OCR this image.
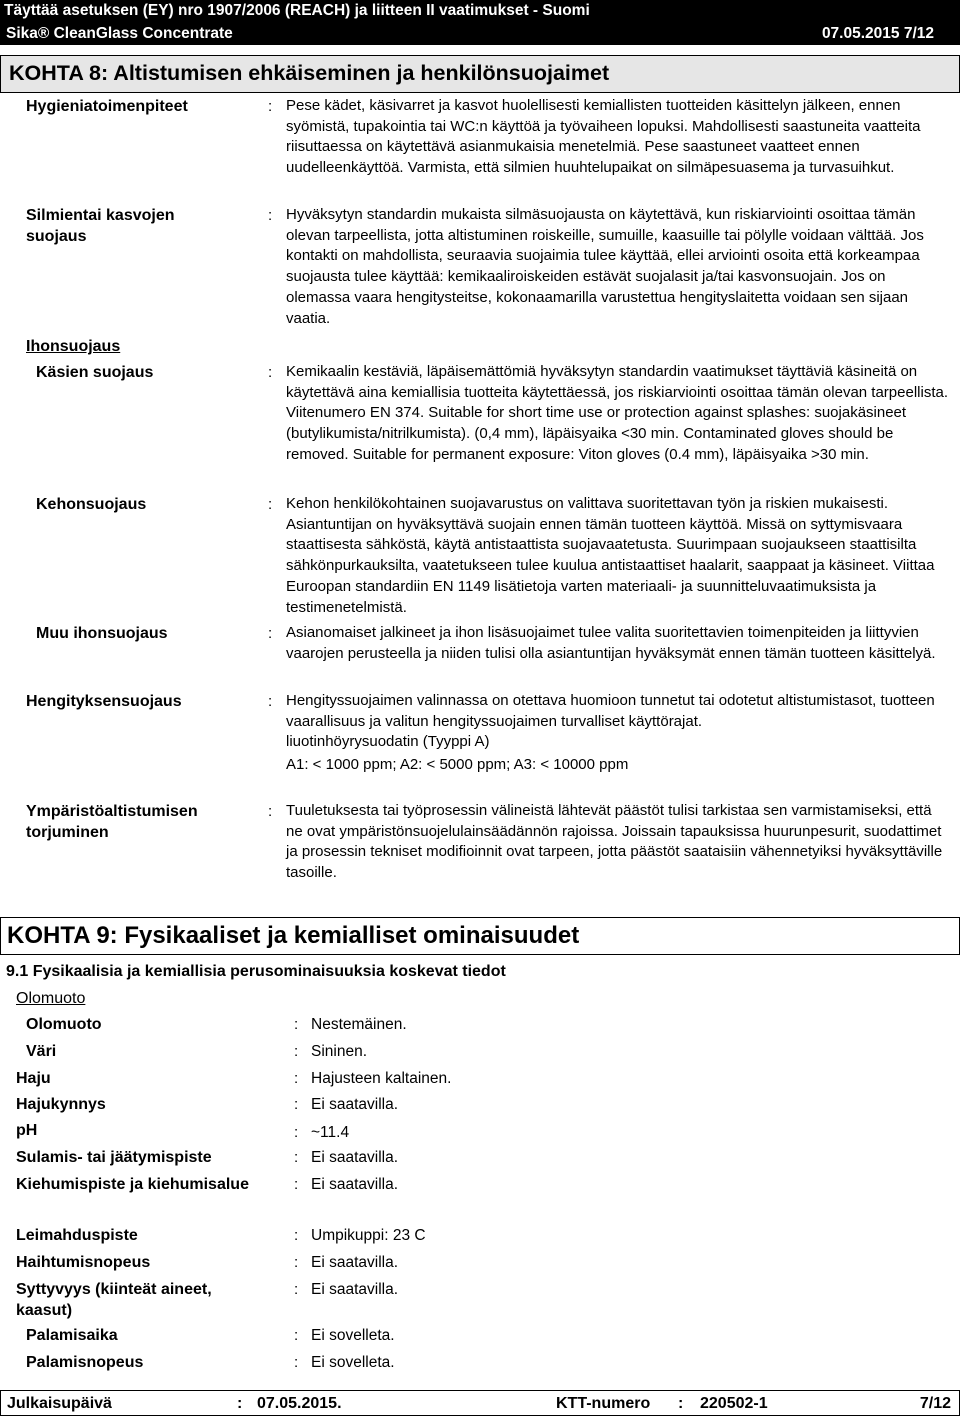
Täyttää asetuksen (EY) nro 1907/2006 (REACH) ja liitteen II vaatimukset - Suomi
Sika® CleanGlass Concentrate	07.05.2015 7/12
KOHTA 8: Altistumisen ehkäiseminen ja henkilönsuojaimet
Hygieniatoimenpiteet	: Pese kädet, käsivarret ja kasvot huolellisesti kemiallisten tuotteiden käsittelyn jälkeen, ennen syömistä, tupakointia tai WC:n käyttöä ja työvaiheen lopuksi. Mahdollisesti saastuneita vaatteita riisuttaessa on käytettävä asianmukaisia menetelmiä. Pese saastuneet vaatteet ennen uudelleenkäyttöä. Varmista, että silmien huuhtelupaikat on silmäpesuasema ja turvasuihkut.

Silmientai kasvojen suojaus
: Hyväksytyn standardin mukaista silmäsuojausta on käytettävä, kun riskiarviointi osoittaa tämän olevan tarpeellista, jotta altistuminen roiskeille, sumuille, kaasuille tai pölylle voidaan välttää. Jos kontakti on mahdollista, seuraavia suojaimia tulee käyttää, ellei arviointi osoita että korkeampaa suojausta tulee käyttää: kemikaaliroiskeiden estävät suojalasit ja/tai kasvonsuojain. Jos on olemassa vaara hengitysteitse, kokonaamarilla varustettua hengityslaitetta voidaan sen sijaan vaatia.

Ihonsuojaus
Käsien suojaus	: Kemikaalin kestäviä, läpäisemättömiä hyväksytyn standardin vaatimukset täyttäviä käsineitä on käytettävä aina kemiallisia tuotteita käytettäessä, jos riskiarviointi osoittaa tämän olevan tarpeellista. Viitenumero EN 374. Suitable for short time use or protection against splashes: suojakäsineet (butylikumista/nitrilkumista). (0,4 mm), läpäisyaika <30 min. Contaminated gloves should be removed. Suitable for permanent exposure: Viton gloves (0.4 mm), läpäisyaika >30 min.

Kehonsuojaus	: Kehon henkilökohtainen suojavarustus on valittava suoritettavan työn ja riskien mukaisesti. Asiantuntijan on hyväksyttävä suojain ennen tämän tuotteen käyttöä. Missä on syttymisvaara staattisesta sähköstä, käytä antistaattista suojavaatetusta. Suurimpaan suojaukseen staattisilta sähkönpurkauksilta, vaatetukseen tulee kuulua antistaattiset haalarit, saappaat ja käsineet. Viittaa Euroopan standardiin EN 1149 lisätietoja varten materiaali- ja suunnitteluvaatimuksista ja testimenetelmistä.

Muu ihonsuojaus	: Asianomaiset jalkineet ja ihon lisäsuojaimet tulee valita suoritettavien toimenpiteiden ja liittyvien vaarojen perusteella ja niiden tulisi olla asiantuntijan hyväksymät ennen tämän tuotteen käsittelyä.

Hengityksensuojaus	: Hengityssuojaimen valinnassa on otettava huomioon tunnetut tai odotetut altistumistasot, tuotteen vaarallisuus ja valitun hengityssuojaimen turvalliset käyttörajat.

liuotinhöyrysuodatin (Tyyppi A)

A1: < 1000 ppm; A2: < 5000 ppm; A3: < 10000 ppm

Ympäristöaltistumisen torjuminen
: Tuuletuksesta tai työprosessin välineistä lähtevät päästöt tulisi tarkistaa sen varmistamiseksi, että ne ovat ympäristönsuojelulainsäädännön rajoissa. Joissain tapauksissa huurunpesurit, suodattimet ja prosessin tekniset modifioinnit ovat tarpeen, jotta päästöt saataisiin vähennetyiksi hyväksyttäville tasoille.

KOHTA 9: Fysikaaliset ja kemialliset ominaisuudet
9.1 Fysikaalisia ja kemiallisia perusominaisuuksia koskevat tiedot
Olomuoto
Olomuoto	: Nestemäinen.
Väri	: Sininen.
Haju	: Hajusteen kaltainen.
Hajukynnys	: Ei saatavilla.
pH	: ~11.4
Sulamis- tai jäätymispiste	: Ei saatavilla.
Kiehumispiste ja kiehumisalue	: Ei saatavilla.
Leimahduspiste	: Umpikuppi: 23 C
Haihtumisnopeus	: Ei saatavilla.
Syttyvyys (kiinteät aineet, kaasut)
: Ei saatavilla.
Palamisaika	: Ei sovelleta.
Palamisnopeus	: Ei sovelleta.
Julkaisupäivä	: 07.05.2015.	KTT-numero : 220502-1	7/12
